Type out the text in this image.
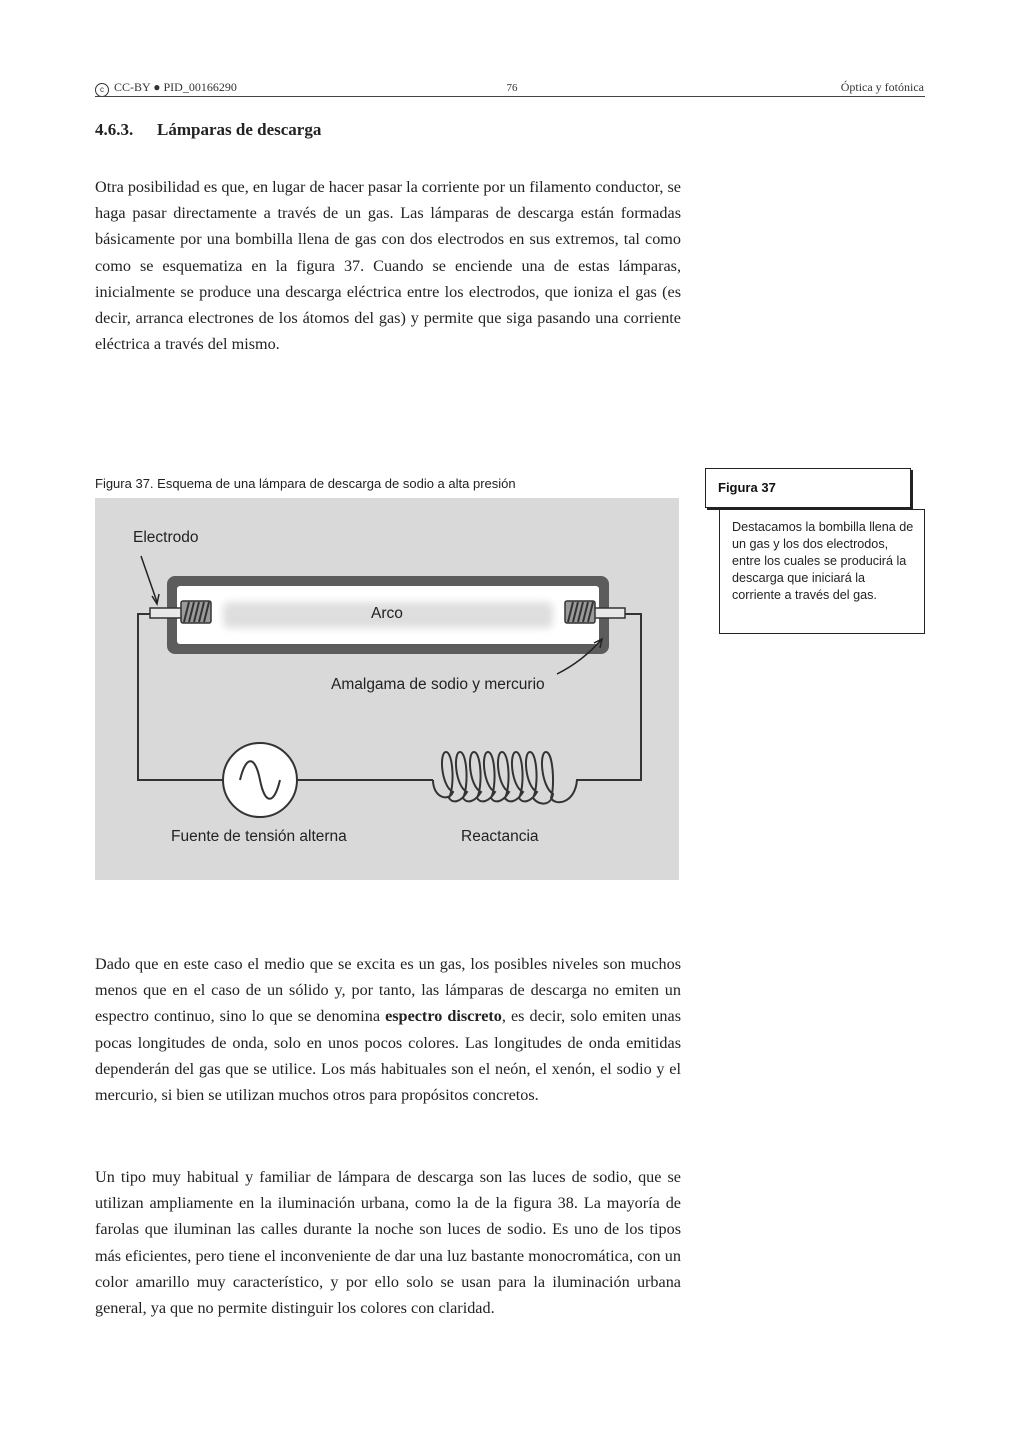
c CC-BY ● PID_00166290	76	Óptica y fotónica
4.6.3. Lámparas de descarga

Otra posibilidad es que, en lugar de hacer pasar la corriente por un filamento conductor, se haga pasar directamente a través de un gas. Las lámparas de descarga están formadas básicamente por una bombilla llena de gas con dos electrodos en sus extremos, tal como como se esquematiza en la figura 37. Cuando se enciende una de estas lámparas, inicialmente se produce una descarga eléctrica entre los electrodos, que ioniza el gas (es decir, arranca electrones de los átomos del gas) y permite que siga pasando una corriente eléctrica a través del mismo.

Figura 37. Esquema de una lámpara de descarga de sodio a alta presión
Electrodo
Arco
Amalgama de sodio y mercurio
Fuente de tensión alterna	Reactancia
Figura 37
Destacamos la bombilla llena de un gas y los dos electrodos, entre los cuales se producirá la descarga que iniciará la corriente a través del gas.

Dado que en este caso el medio que se excita es un gas, los posibles niveles son muchos menos que en el caso de un sólido y, por tanto, las lámparas de descarga no emiten un espectro continuo, sino lo que se denomina espectro discreto, es decir, solo emiten unas pocas longitudes de onda, solo en unos pocos colores. Las longitudes de onda emitidas dependerán del gas que se utilice. Los más habituales son el neón, el xenón, el sodio y el mercurio, si bien se utilizan muchos otros para propósitos concretos.

Un tipo muy habitual y familiar de lámpara de descarga son las luces de sodio, que se utilizan ampliamente en la iluminación urbana, como la de la figura 38. La mayoría de farolas que iluminan las calles durante la noche son luces de sodio. Es uno de los tipos más eficientes, pero tiene el inconveniente de dar una luz bastante monocromática, con un color amarillo muy característico, y por ello solo se usan para la iluminación urbana general, ya que no permite distinguir los colores con claridad.
